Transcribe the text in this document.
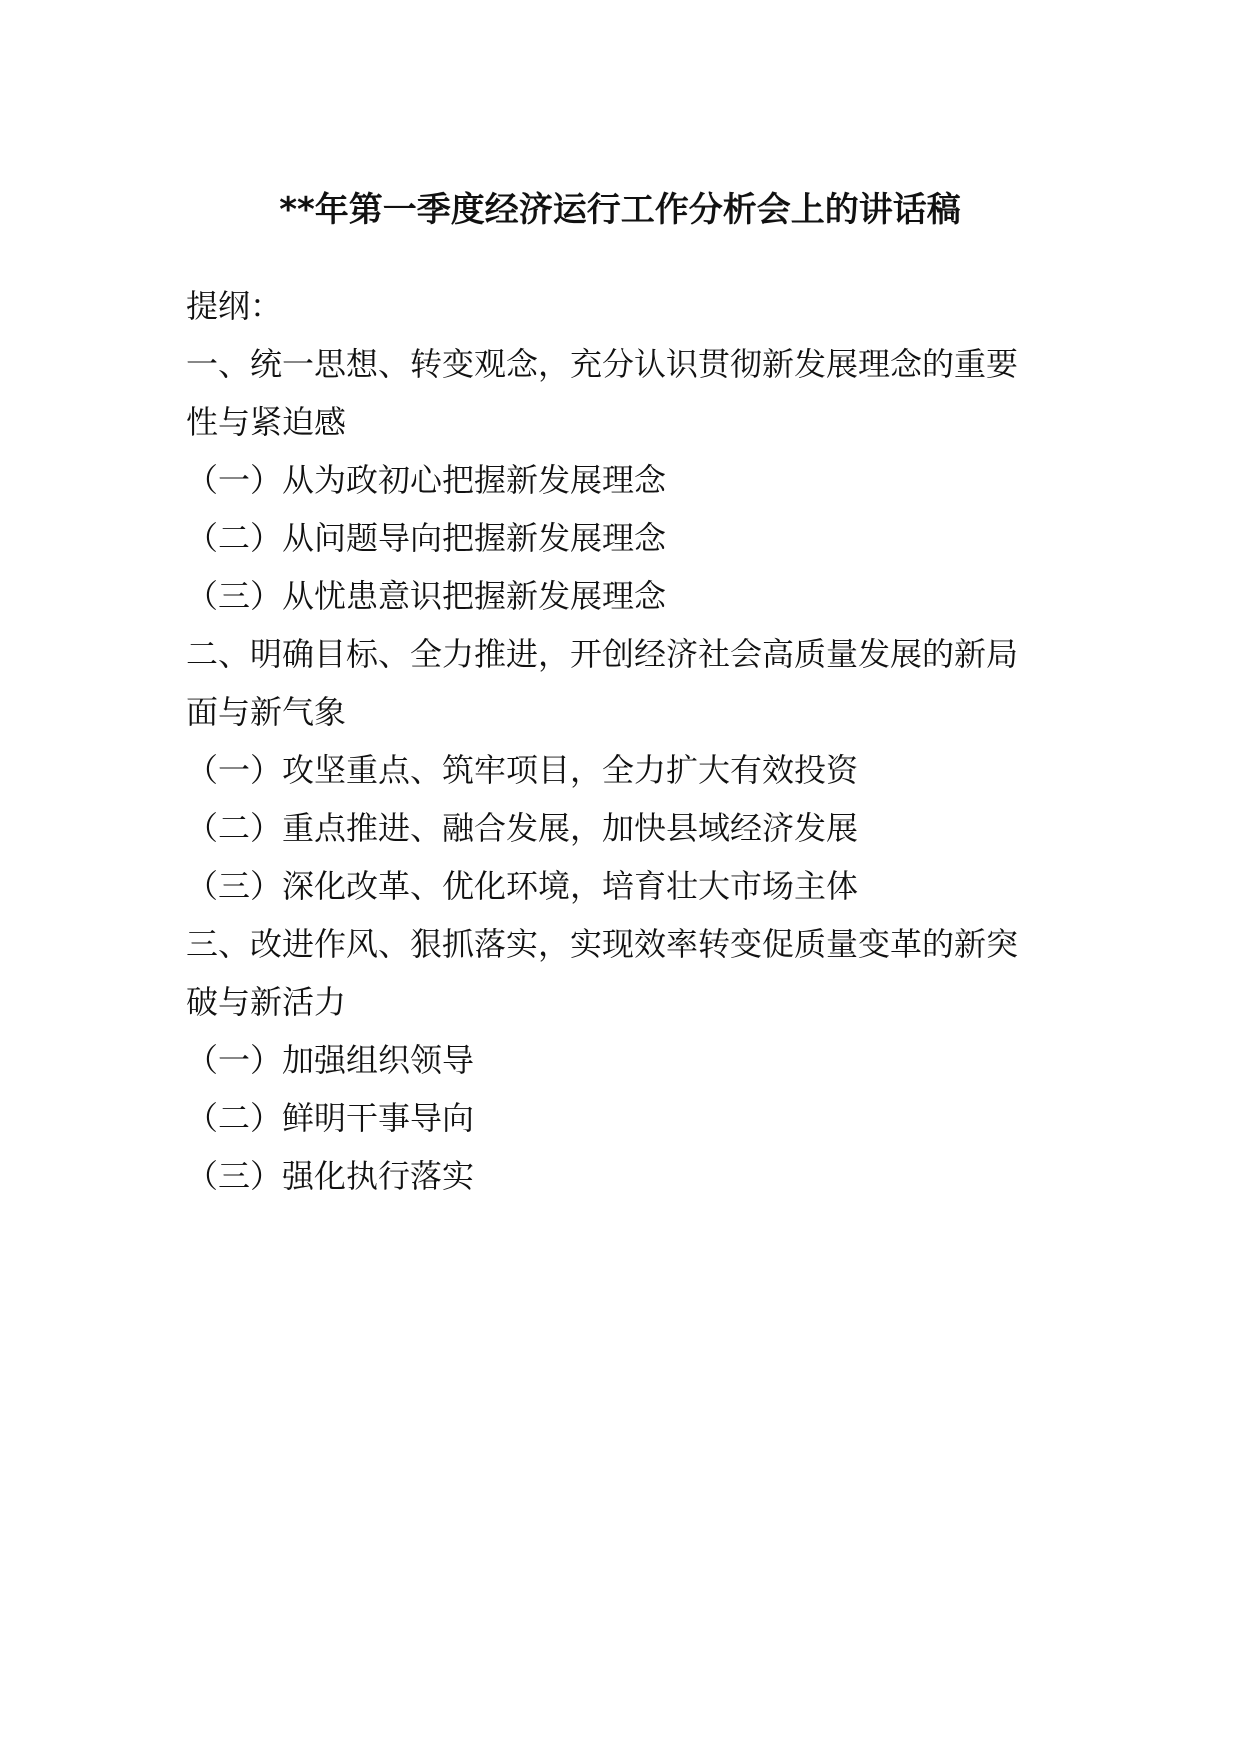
**年第一季度经济运行工作分析会上的讲话稿
提纲：
一、统一思想、转变观念，充分认识贯彻新发展理念的重要
性与紧迫感
（一）从为政初心把握新发展理念
（二）从问题导向把握新发展理念
（三）从忧患意识把握新发展理念
二、明确目标、全力推进，开创经济社会高质量发展的新局
面与新气象
（一）攻坚重点、筑牢项目，全力扩大有效投资
（二）重点推进、融合发展，加快县域经济发展
（三）深化改革、优化环境，培育壮大市场主体
三、改进作风、狠抓落实，实现效率转变促质量变革的新突
破与新活力
（一）加强组织领导
（二）鲜明干事导向
（三）强化执行落实
